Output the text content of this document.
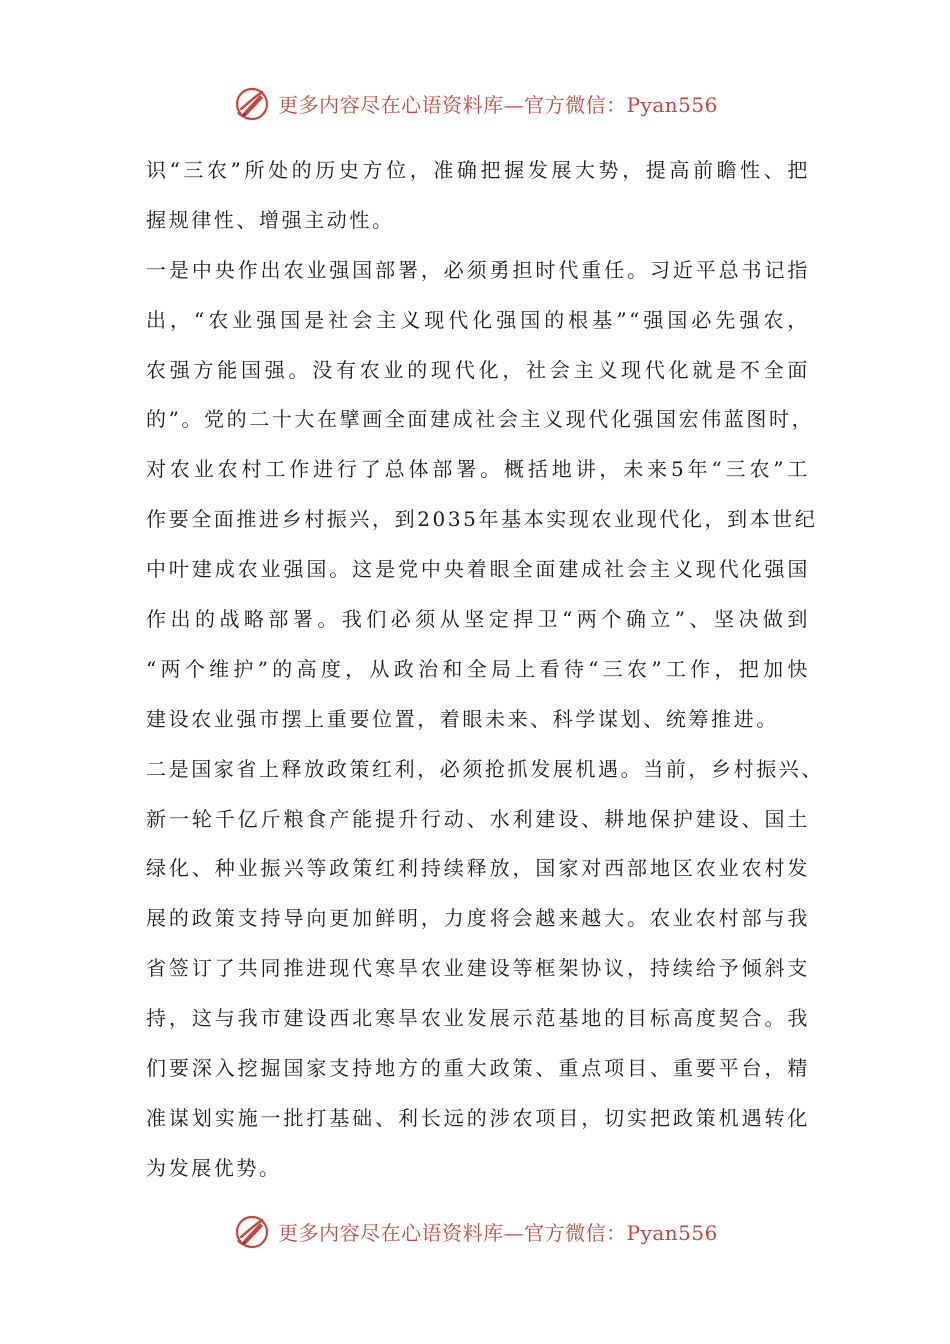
更多内容尽在心语资料库—官方微信：Pyan556
识“三农”所处的历史方位，准确把握发展大势，提高前瞻性、把
握规律性、增强主动性。
一是中央作出农业强国部署，必须勇担时代重任。习近平总书记指
出，“农业强国是社会主义现代化强国的根基”“强国必先强农，
农强方能国强。没有农业的现代化，社会主义现代化就是不全面
的”。党的二十大在擘画全面建成社会主义现代化强国宏伟蓝图时，
对农业农村工作进行了总体部署。概括地讲，未来5年“三农”工
作要全面推进乡村振兴，到2035年基本实现农业现代化，到本世纪
中叶建成农业强国。这是党中央着眼全面建成社会主义现代化强国
作出的战略部署。我们必须从坚定捍卫“两个确立”、坚决做到
“两个维护”的高度，从政治和全局上看待“三农”工作，把加快
建设农业强市摆上重要位置，着眼未来、科学谋划、统筹推进。
二是国家省上释放政策红利，必须抢抓发展机遇。当前，乡村振兴、
新一轮千亿斤粮食产能提升行动、水利建设、耕地保护建设、国土
绿化、种业振兴等政策红利持续释放，国家对西部地区农业农村发
展的政策支持导向更加鲜明，力度将会越来越大。农业农村部与我
省签订了共同推进现代寒旱农业建设等框架协议，持续给予倾斜支
持，这与我市建设西北寒旱农业发展示范基地的目标高度契合。我
们要深入挖掘国家支持地方的重大政策、重点项目、重要平台，精
准谋划实施一批打基础、利长远的涉农项目，切实把政策机遇转化
为发展优势。
更多内容尽在心语资料库—官方微信：Pyan556
